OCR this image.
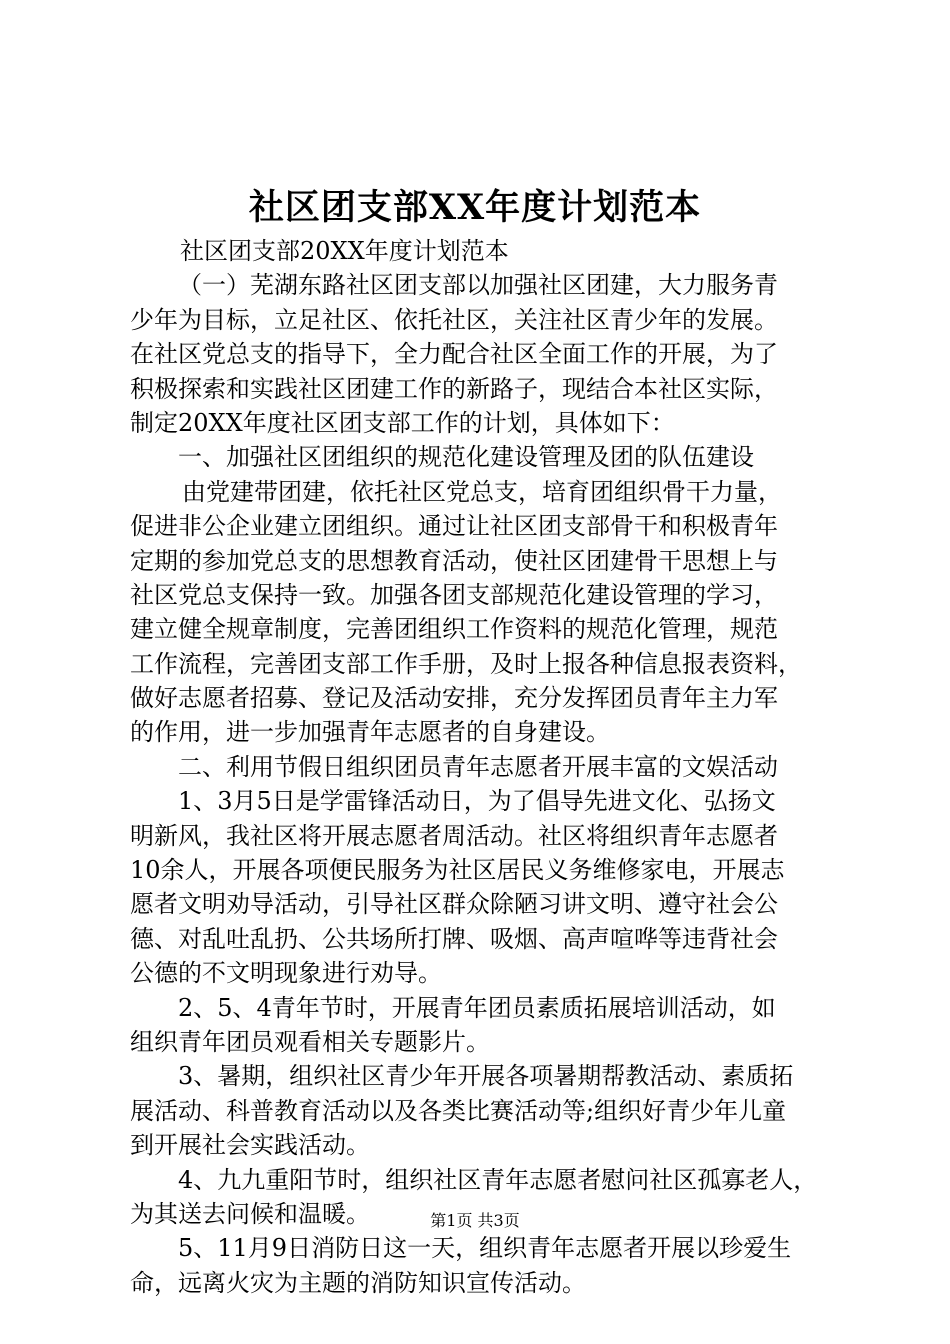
社区团支部XX年度计划范本
社区团支部20XX年度计划范本
（一）芜湖东路社区团支部以加强社区团建，大力服务青
少年为目标，立足社区、依托社区，关注社区青少年的发展。
在社区党总支的指导下，全力配合社区全面工作的开展，为了
积极探索和实践社区团建工作的新路子，现结合本社区实际，
制定20XX年度社区团支部工作的计划，具体如下：
一、加强社区团组织的规范化建设管理及团的队伍建设
由党建带团建，依托社区党总支，培育团组织骨干力量，
促进非公企业建立团组织。通过让社区团支部骨干和积极青年
定期的参加党总支的思想教育活动，使社区团建骨干思想上与
社区党总支保持一致。加强各团支部规范化建设管理的学习，
建立健全规章制度，完善团组织工作资料的规范化管理，规范
工作流程，完善团支部工作手册，及时上报各种信息报表资料，
做好志愿者招募、登记及活动安排，充分发挥团员青年主力军
的作用，进一步加强青年志愿者的自身建设。
二、利用节假日组织团员青年志愿者开展丰富的文娱活动
1、3月5日是学雷锋活动日，为了倡导先进文化、弘扬文
明新风，我社区将开展志愿者周活动。社区将组织青年志愿者
10余人，开展各项便民服务为社区居民义务维修家电，开展志
愿者文明劝导活动，引导社区群众除陋习讲文明、遵守社会公
德、对乱吐乱扔、公共场所打牌、吸烟、高声喧哗等违背社会
公德的不文明现象进行劝导。
2、5、4青年节时，开展青年团员素质拓展培训活动，如
组织青年团员观看相关专题影片。
3、暑期，组织社区青少年开展各项暑期帮教活动、素质拓
展活动、科普教育活动以及各类比赛活动等;组织好青少年儿童
到开展社会实践活动。
4、九九重阳节时，组织社区青年志愿者慰问社区孤寡老人，
为其送去问候和温暖。
5、11月9日消防日这一天，组织青年志愿者开展以珍爱生
命，远离火灾为主题的消防知识宣传活动。
第1页 共3页
